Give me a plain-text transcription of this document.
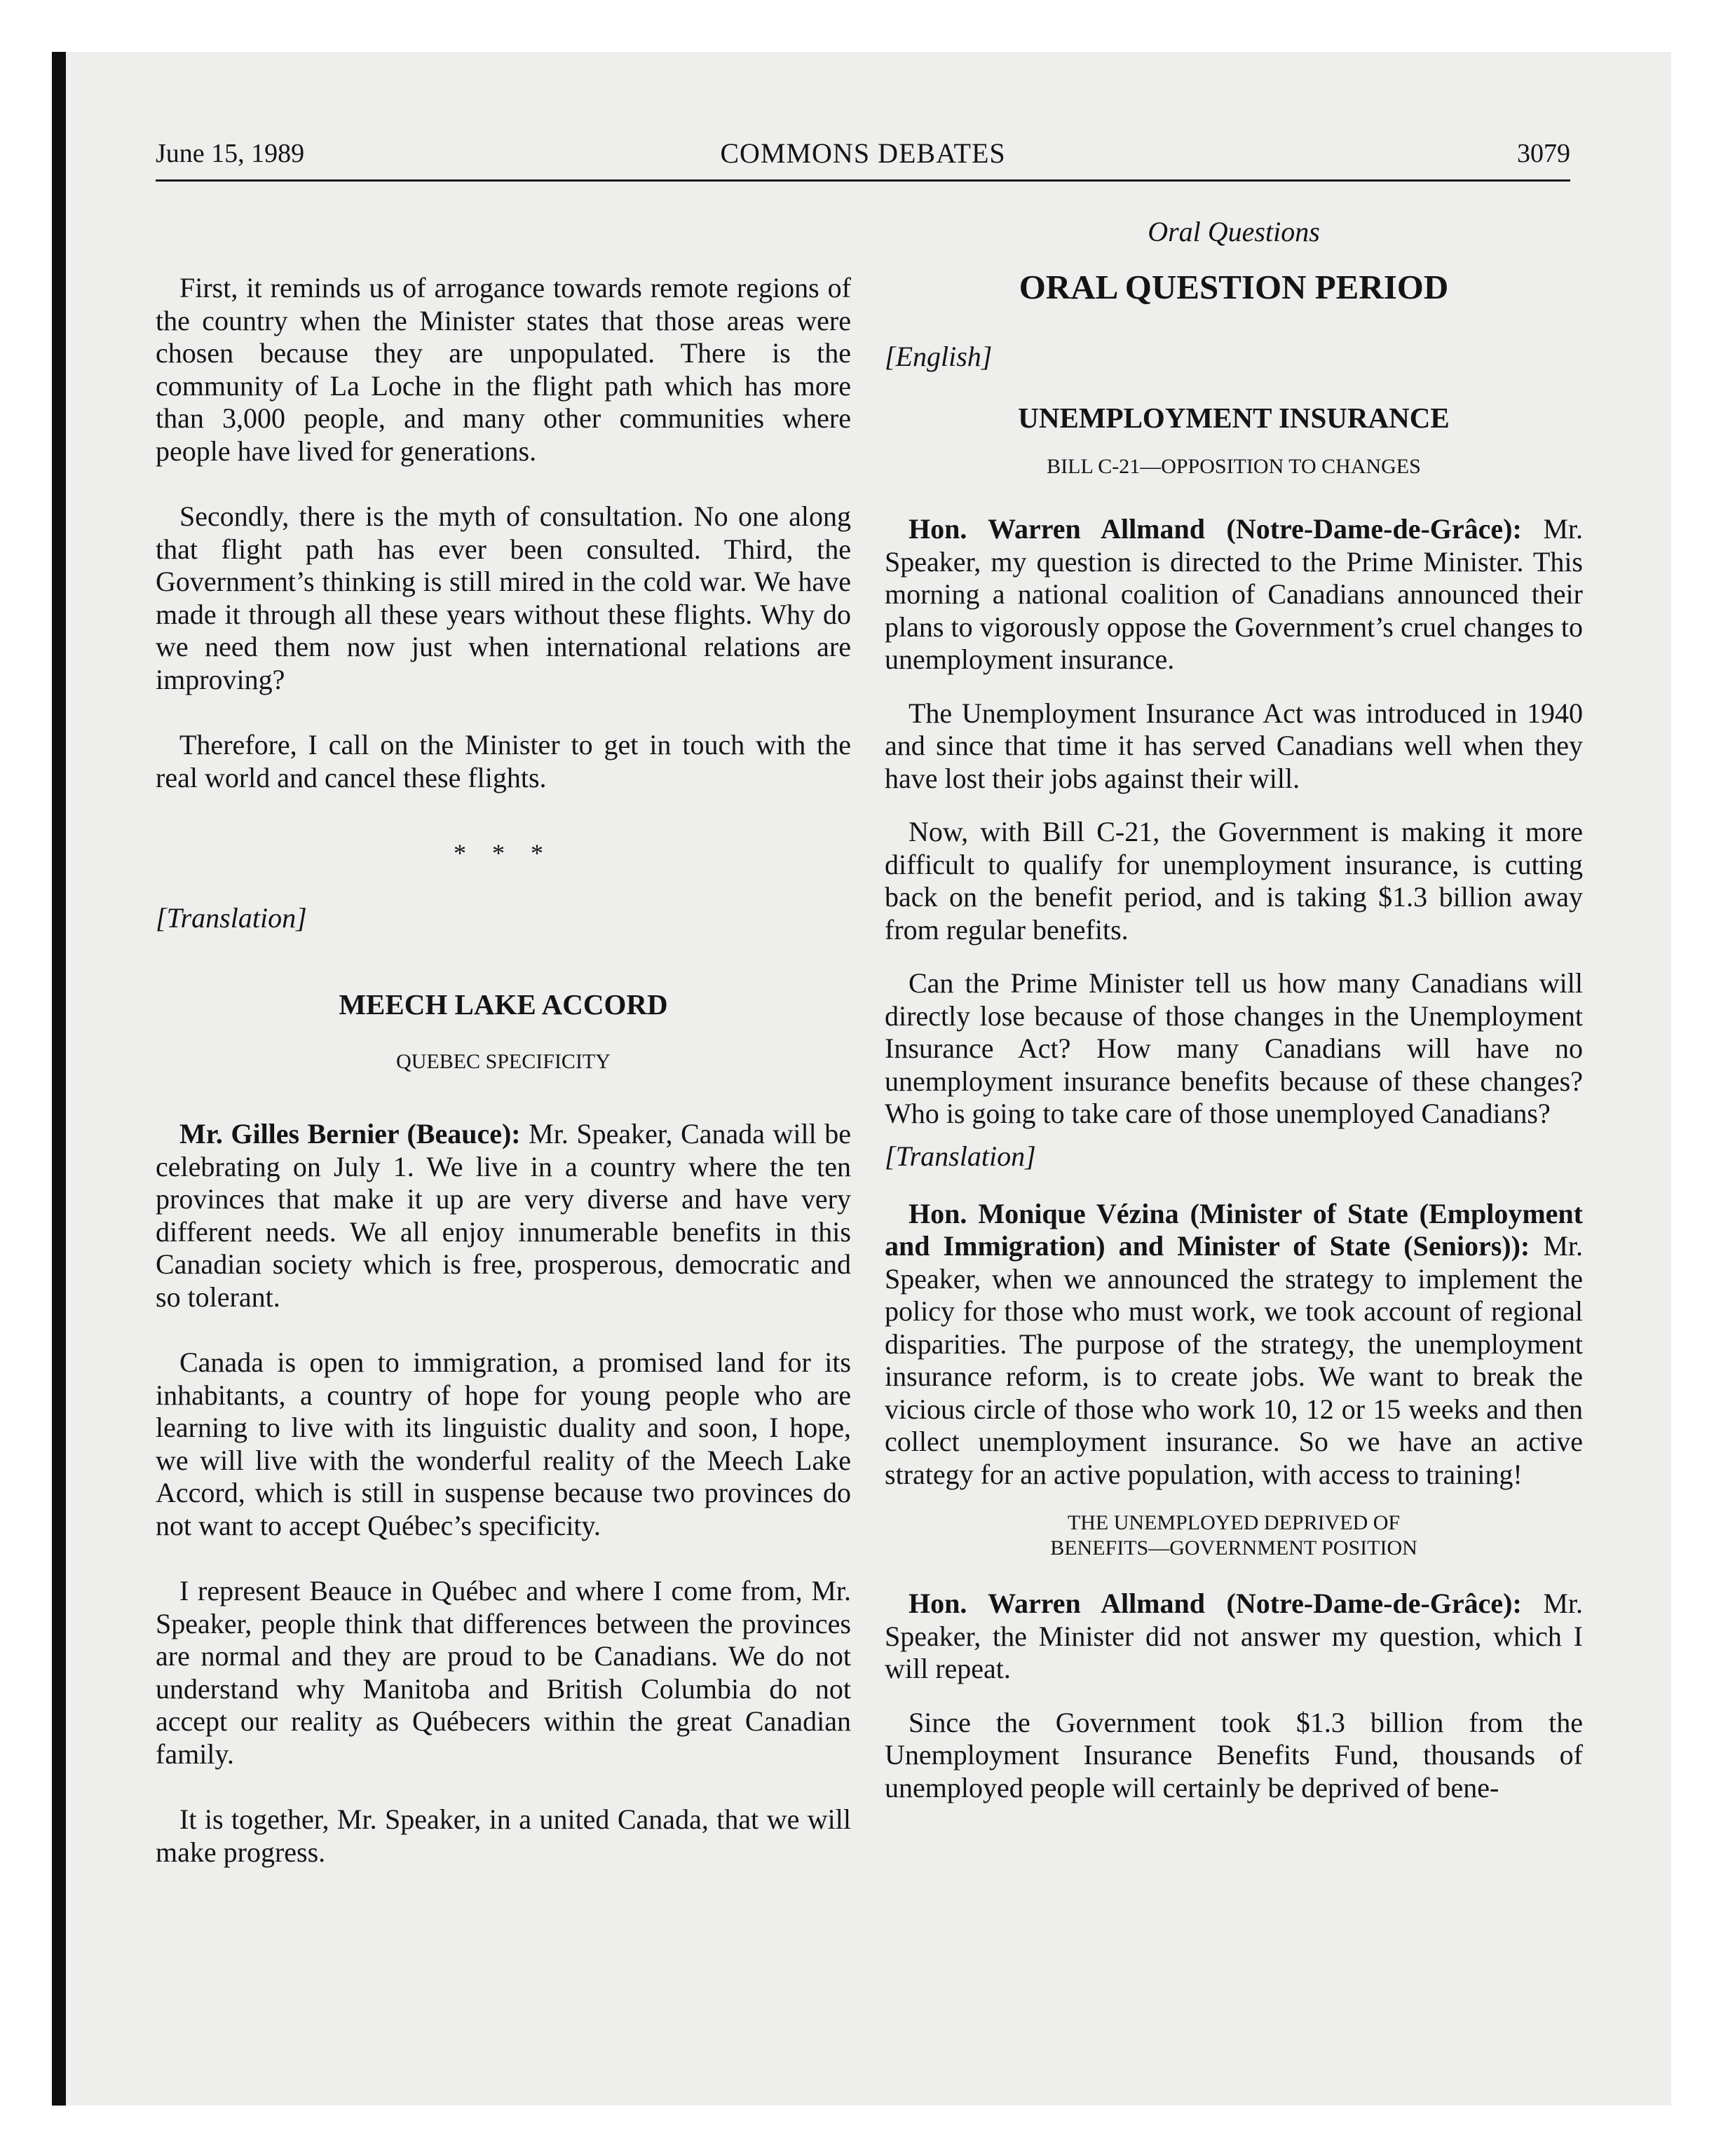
June 15, 1989	COMMONS DEBATES	3079

First, it reminds us of arrogance towards remote regions of the country when the Minister states that those areas were chosen because they are unpopulated. There is the community of La Loche in the flight path which has more than 3,000 people, and many other communities where people have lived for generations.

Secondly, there is the myth of consultation. No one along that flight path has ever been consulted. Third, the Government’s thinking is still mired in the cold war. We have made it through all these years without these flights. Why do we need them now just when international relations are improving?

Therefore, I call on the Minister to get in touch with the real world and cancel these flights.

* * *
[Translation]
MEECH LAKE ACCORD
QUEBEC SPECIFICITY

Mr. Gilles Bernier (Beauce): Mr. Speaker, Canada will be celebrating on July 1. We live in a country where the ten provinces that make it up are very diverse and have very different needs. We all enjoy innumerable benefits in this Canadian society which is free, prosperous, democratic and so tolerant.

Canada is open to immigration, a promised land for its inhabitants, a country of hope for young people who are learning to live with its linguistic duality and soon, I hope, we will live with the wonderful reality of the Meech Lake Accord, which is still in suspense because two provinces do not want to accept Québec’s specificity.

I represent Beauce in Québec and where I come from, Mr. Speaker, people think that differences between the provinces are normal and they are proud to be Canadians. We do not understand why Manitoba and British Columbia do not accept our reality as Québecers within the great Canadian family.

It is together, Mr. Speaker, in a united Canada, that we will make progress.

Oral Questions
ORAL QUESTION PERIOD
[English]
UNEMPLOYMENT INSURANCE
BILL C-21—OPPOSITION TO CHANGES

Hon. Warren Allmand (Notre-Dame-de-Grâce): Mr. Speaker, my question is directed to the Prime Minister. This morning a national coalition of Canadians announced their plans to vigorously oppose the Government’s cruel changes to unemployment insurance.

The Unemployment Insurance Act was introduced in 1940 and since that time it has served Canadians well when they have lost their jobs against their will.

Now, with Bill C-21, the Government is making it more difficult to qualify for unemployment insurance, is cutting back on the benefit period, and is taking $1.3 billion away from regular benefits.

Can the Prime Minister tell us how many Canadians will directly lose because of those changes in the Unemployment Insurance Act? How many Canadians will have no unemployment insurance benefits because of these changes? Who is going to take care of those unemployed Canadians?

[Translation]

Hon. Monique Vézina (Minister of State (Employment and Immigration) and Minister of State (Seniors)): Mr. Speaker, when we announced the strategy to implement the policy for those who must work, we took account of regional disparities. The purpose of the strategy, the unemployment insurance reform, is to create jobs. We want to break the vicious circle of those who work 10, 12 or 15 weeks and then collect unemployment insurance. So we have an active strategy for an active population, with access to training!

THE UNEMPLOYED DEPRIVED OF
BENEFITS—GOVERNMENT POSITION

Hon. Warren Allmand (Notre-Dame-de-Grâce): Mr. Speaker, the Minister did not answer my question, which I will repeat.

Since the Government took $1.3 billion from the Unemployment Insurance Benefits Fund, thousands of unemployed people will certainly be deprived of bene-
